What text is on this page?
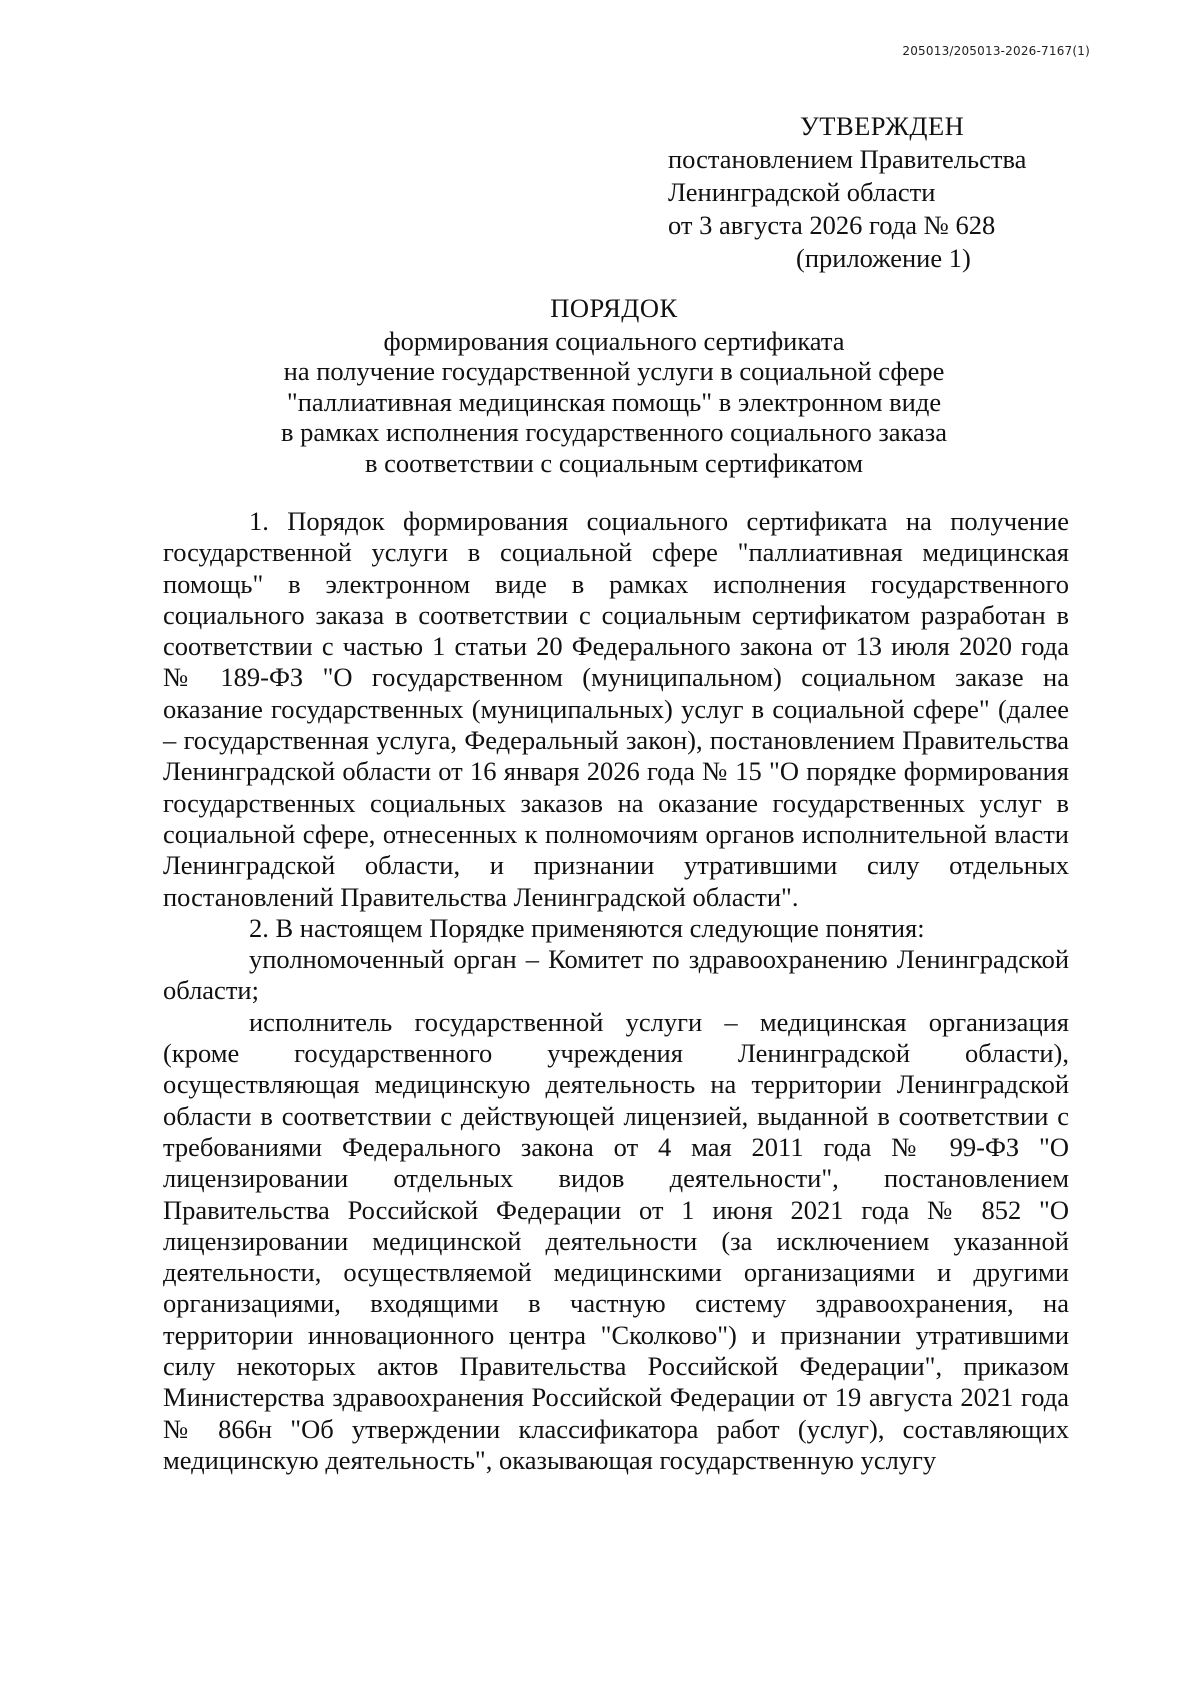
205013/205013-2026-7167(1)
УТВЕРЖДЕН
постановлением Правительства
Ленинградской области
от 3 августа 2026 года № 628
(приложение 1)
ПОРЯДОК
формирования социального сертификата
на получение государственной услуги в социальной сфере
"паллиативная медицинская помощь" в электронном виде
в рамках исполнения государственного социального заказа
в соответствии с социальным сертификатом

1. Порядок формирования социального сертификата на получение государственной услуги в социальной сфере "паллиативная медицинская помощь" в электронном виде в рамках исполнения государственного социального заказа в соответствии с социальным сертификатом разработан в соответствии с частью 1 статьи 20 Федерального закона от 13 июля 2020 года № 189-ФЗ "О государственном (муниципальном) социальном заказе на оказание государственных (муниципальных) услуг в социальной сфере" (далее – государственная услуга, Федеральный закон), постановлением Правительства Ленинградской области от 16 января 2026 года № 15 "О порядке формирования государственных социальных заказов на оказание государственных услуг в социальной сфере, отнесенных к полномочиям органов исполнительной власти Ленинградской области, и признании утратившими силу отдельных постановлений Правительства Ленинградской области".

2. В настоящем Порядке применяются следующие понятия:

уполномоченный орган – Комитет по здравоохранению Ленинградской области;

исполнитель государственной услуги – медицинская организация (кроме государственного учреждения Ленинградской области), осуществляющая медицинскую деятельность на территории Ленинградской области в соответствии с действующей лицензией, выданной в соответствии с требованиями Федерального закона от 4 мая 2011 года № 99-ФЗ "О лицензировании отдельных видов деятельности", постановлением Правительства Российской Федерации от 1 июня 2021 года № 852 "О лицензировании медицинской деятельности (за исключением указанной деятельности, осуществляемой медицинскими организациями и другими организациями, входящими в частную систему здравоохранения, на территории инновационного центра "Сколково") и признании утратившими силу некоторых актов Правительства Российской Федерации", приказом Министерства здравоохранения Российской Федерации от 19 августа 2021 года № 866н "Об утверждении классификатора работ (услуг), составляющих медицинскую деятельность", оказывающая государственную услугу
